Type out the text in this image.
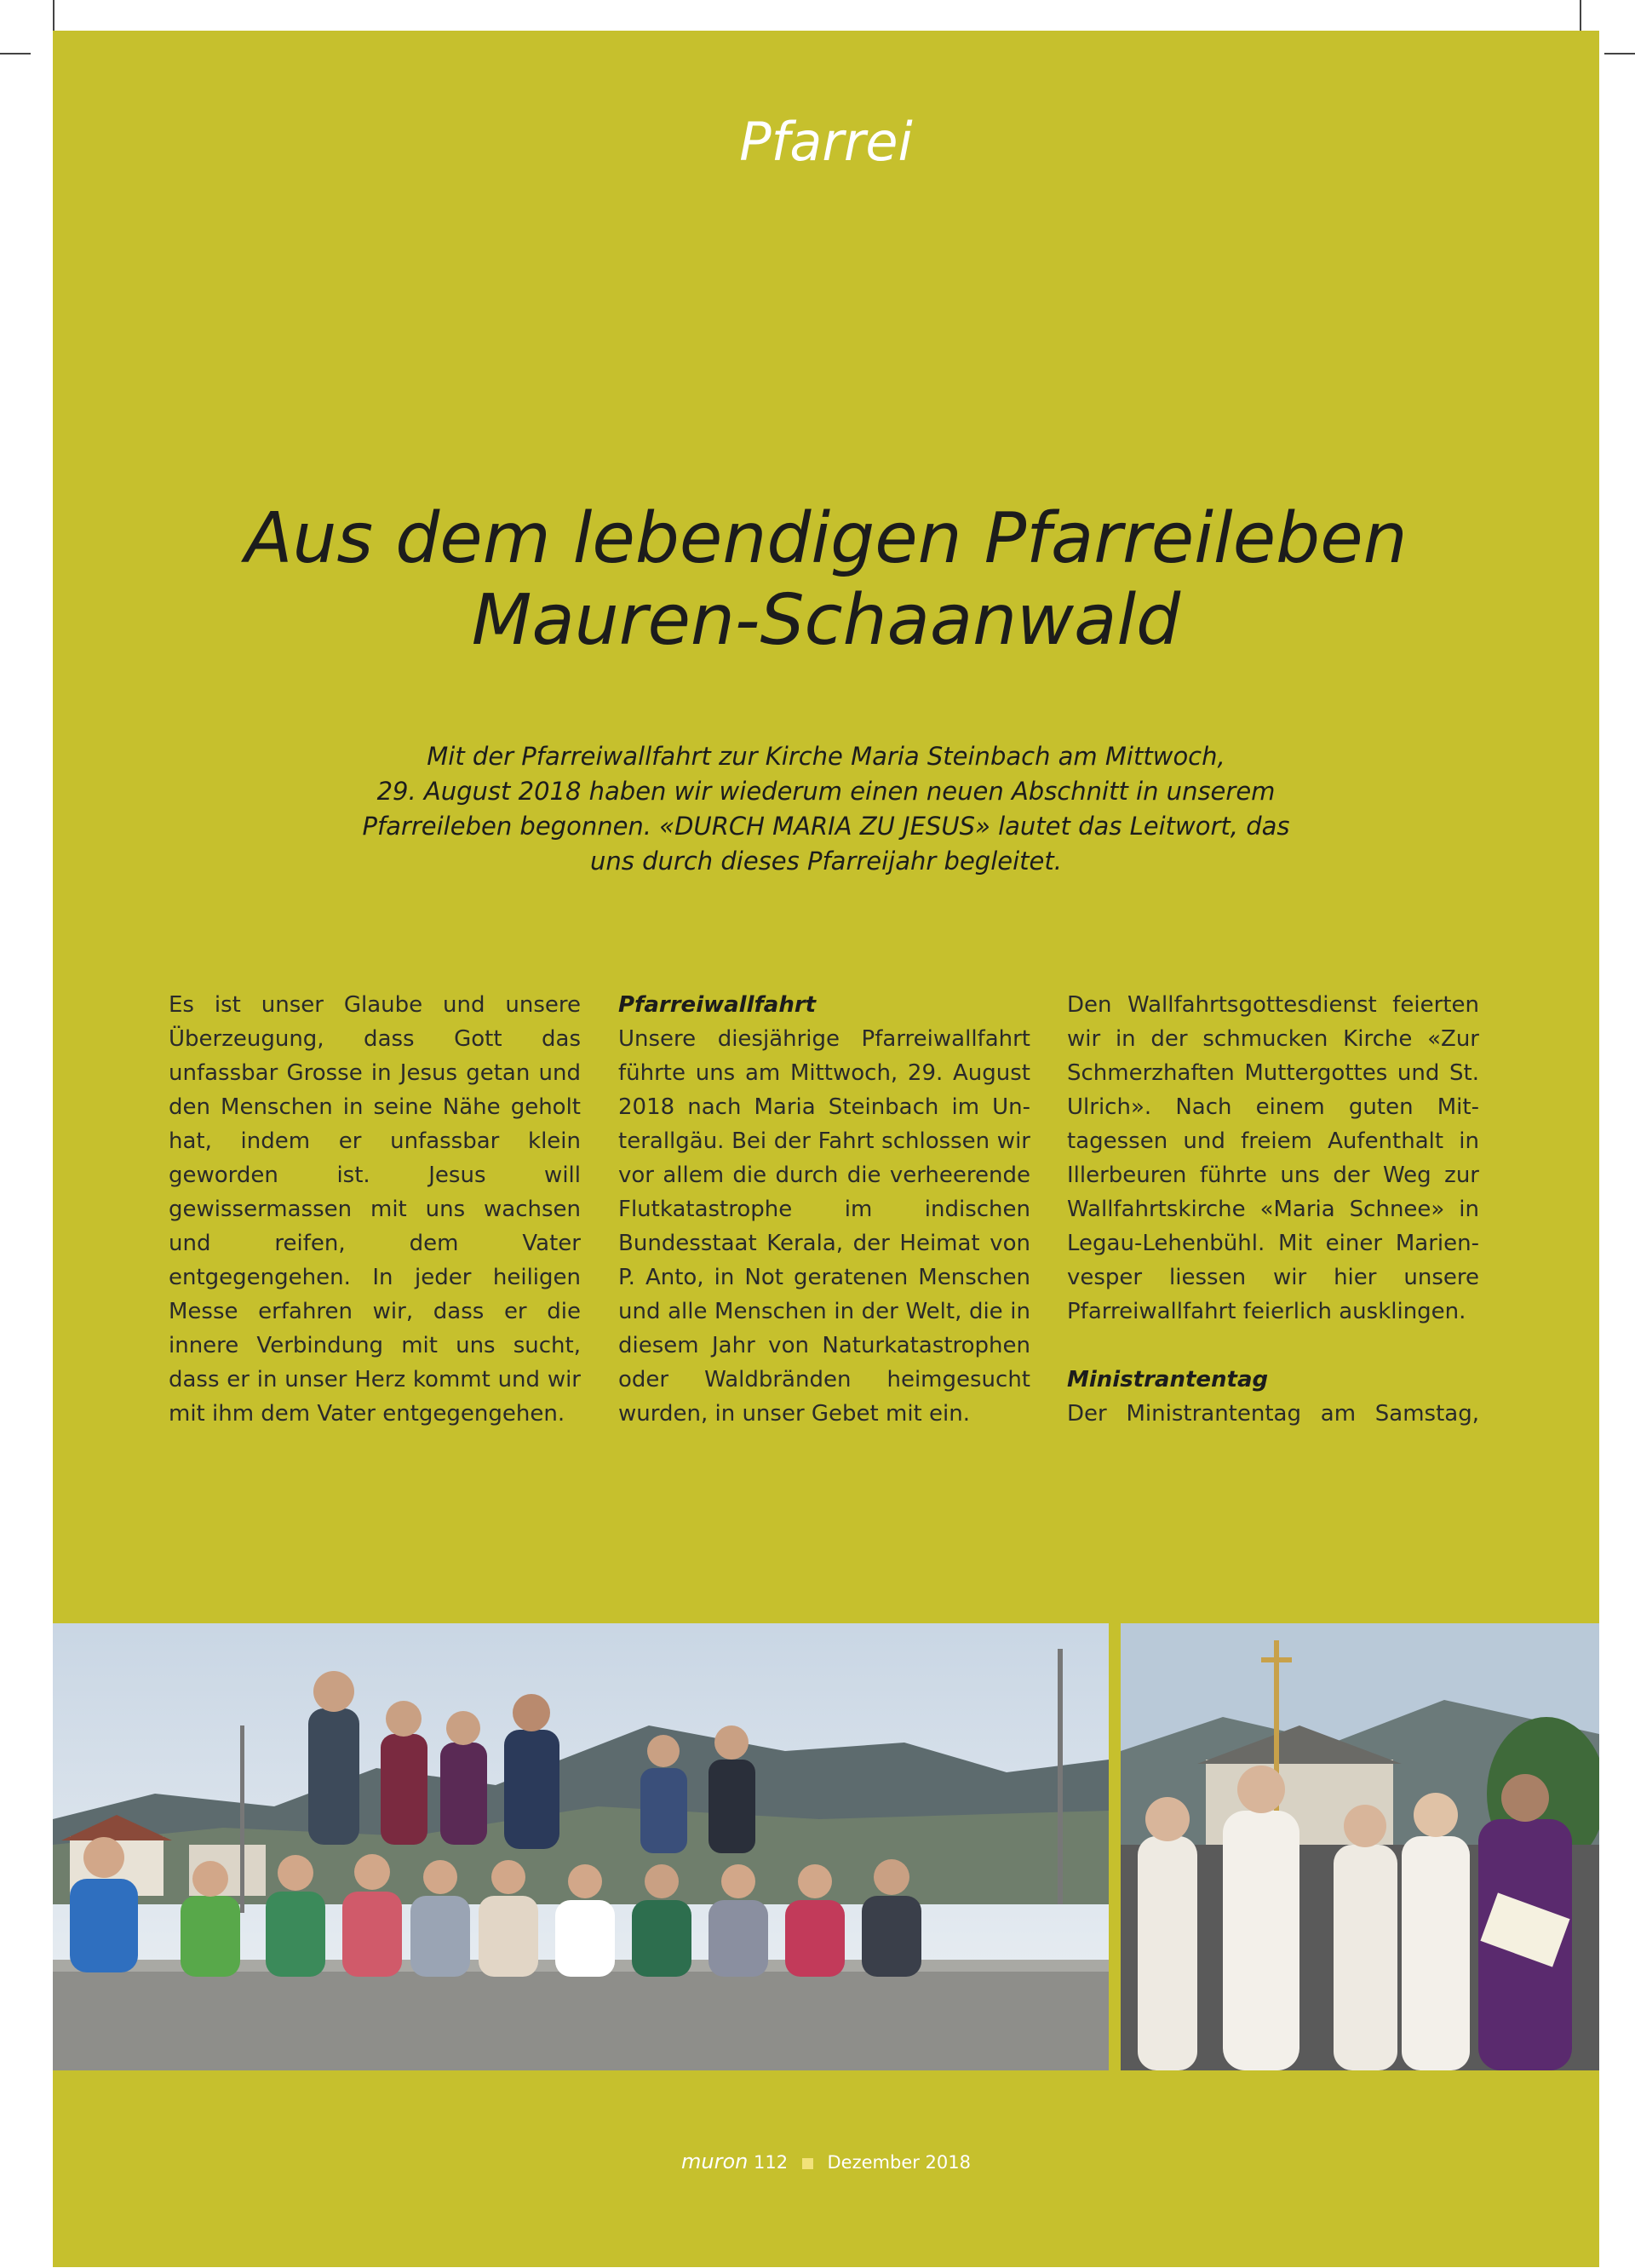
Pfarrei
Aus dem lebendigen Pfarreileben
Mauren-Schaanwald
Mit der Pfarreiwallfahrt zur Kirche Maria Steinbach am Mittwoch,
29. August 2018 haben wir wiederum einen neuen Abschnitt in unserem
Pfarreileben begonnen. «DURCH MARIA ZU JESUS» lautet das Leitwort, das
uns durch dieses Pfarreijahr begleitet.

Es ist unser Glaube und unsere Überzeugung, dass Gott das unfassbar Grosse in Jesus getan und den Menschen in seine Nähe geholt hat, indem er unfassbar klein geworden ist. Jesus will gewissermassen mit uns wachsen und reifen, dem Vater entgegengehen. In jeder heiligen Messe erfahren wir, dass er die innere Verbindung mit uns sucht, dass er in unser Herz kommt und wir mit ihm dem Vater entgegengehen.

Pfarreiwallfahrt

Unsere diesjährige Pfarreiwallfahrt führte uns am Mittwoch, 29. August 2018 nach Maria Steinbach im Unterallgäu. Bei der Fahrt schlossen wir vor allem die durch die verheerende Flutkatastrophe im indischen Bundesstaat Kerala, der Heimat von P. Anto, in Not geratenen Menschen und alle Menschen in der Welt, die in diesem Jahr von Naturkatastrophen oder Waldbränden heimgesucht wurden, in unser Gebet mit ein.

Den Wallfahrtsgottesdienst feierten wir in der schmucken Kirche «Zur Schmerzhaften Muttergottes und St. Ulrich». Nach einem guten Mittagessen und freiem Aufenthalt in Illerbeuren führte uns der Weg zur Wallfahrtskirche «Maria Schnee» in Legau-Lehenbühl. Mit einer Marienvesper liessen wir hier unsere Pfarreiwallfahrt feierlich ausklingen.

Ministrantentag

Der Ministrantentag am Samstag,

muron 112 Dezember 2018
